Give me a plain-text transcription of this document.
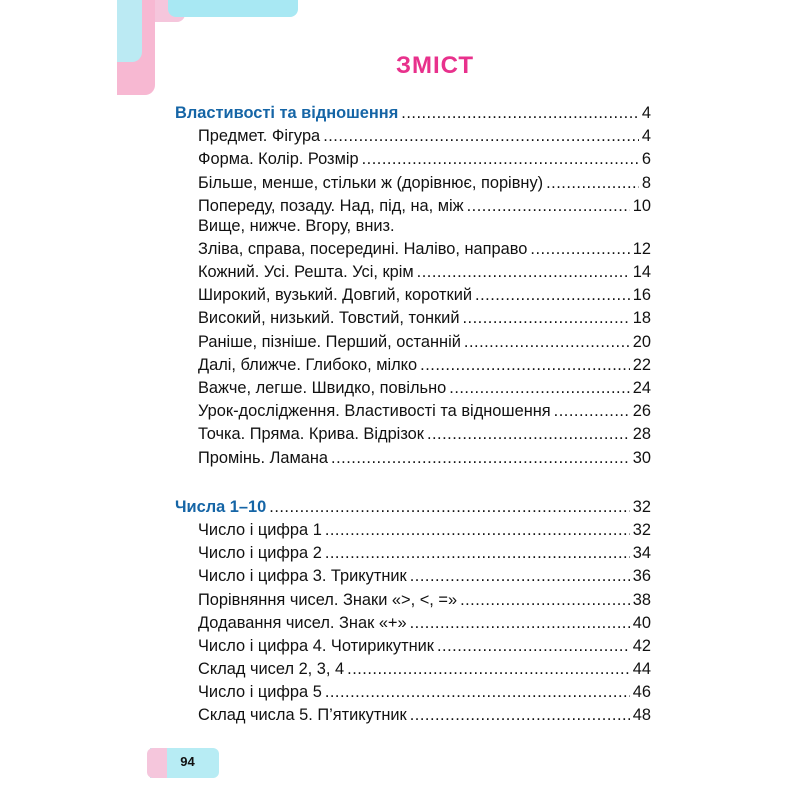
ЗМІСТ
Властивості та відношення .....	4
Предмет. Фігура .....	4
Форма. Колір. Розмір .....	6
Більше, менше, стільки ж (дорівнює, порівну) .....	8
Попереду, позаду. Над, під, на, між .....	10
Вище, нижче. Вгору, вниз.
Зліва, справа, посередині. Наліво, направо .....	12
Кожний. Усі. Решта. Усі, крім .....	14
Широкий, вузький. Довгий, короткий .....	16
Високий, низький. Товстий, тонкий .....	18
Раніше, пізніше. Перший, останній .....	20
Далі, ближче. Глибоко, мілко .....	22
Важче, легше. Швидко, повільно .....	24
Урок-дослідження. Властивості та відношення .....	26
Точка. Пряма. Крива. Відрізок .....	28
Промінь. Ламана .....	30
Числа 1–10 .....	32
Число і цифра 1 .....	32
Число і цифра 2 .....	34
Число і цифра 3. Трикутник .....	36
Порівняння чисел. Знаки «>, <, =» .....	38
Додавання чисел. Знак «+» .....	40
Число і цифра 4. Чотирикутник .....	42
Склад чисел 2, 3, 4 .....	44
Число і цифра 5 .....	46
Склад числа 5. П’ятикутник .....	48
94
